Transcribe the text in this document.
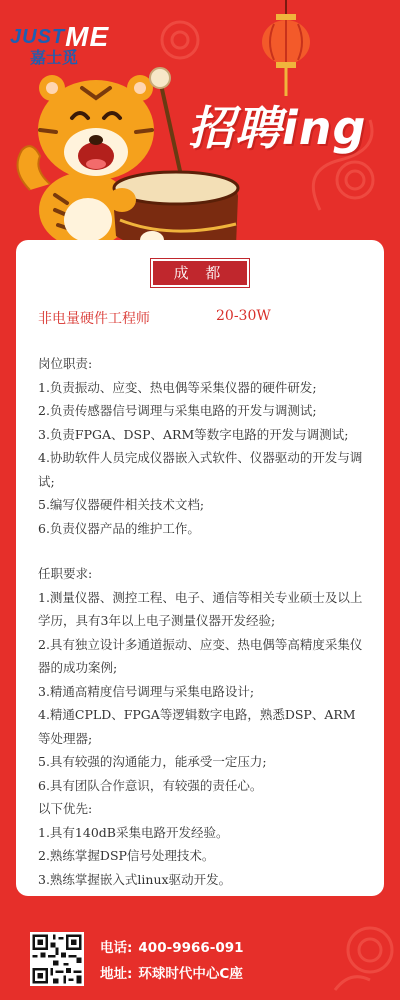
JUSTME
嘉士觅
招聘ing
成 都
非电量硬件工程师	20-30W

岗位职责:

1.负责振动、应变、热电偶等采集仪器的硬件研发;

2.负责传感器信号调理与采集电路的开发与调测试;

3.负责FPGA、DSP、ARM等数字电路的开发与调测试;

4.协助软件人员完成仪器嵌入式软件、仪器驱动的开发与调试;

5.编写仪器硬件相关技术文档;

6.负责仪器产品的维护工作。

任职要求:

1.测量仪器、测控工程、电子、通信等相关专业硕士及以上学历，具有3年以上电子测量仪器开发经验;

2.具有独立设计多通道振动、应变、热电偶等高精度采集仪器的成功案例;

3.精通高精度信号调理与采集电路设计;

4.精通CPLD、FPGA等逻辑数字电路，熟悉DSP、ARM等处理器;

5.具有较强的沟通能力，能承受一定压力;

6.具有团队合作意识，有较强的责任心。

以下优先:

1.具有140dB采集电路开发经验。

2.熟练掌握DSP信号处理技术。

3.熟练掌握嵌入式linux驱动开发。

电话: 400-9966-091
地址: 环球时代中心C座
